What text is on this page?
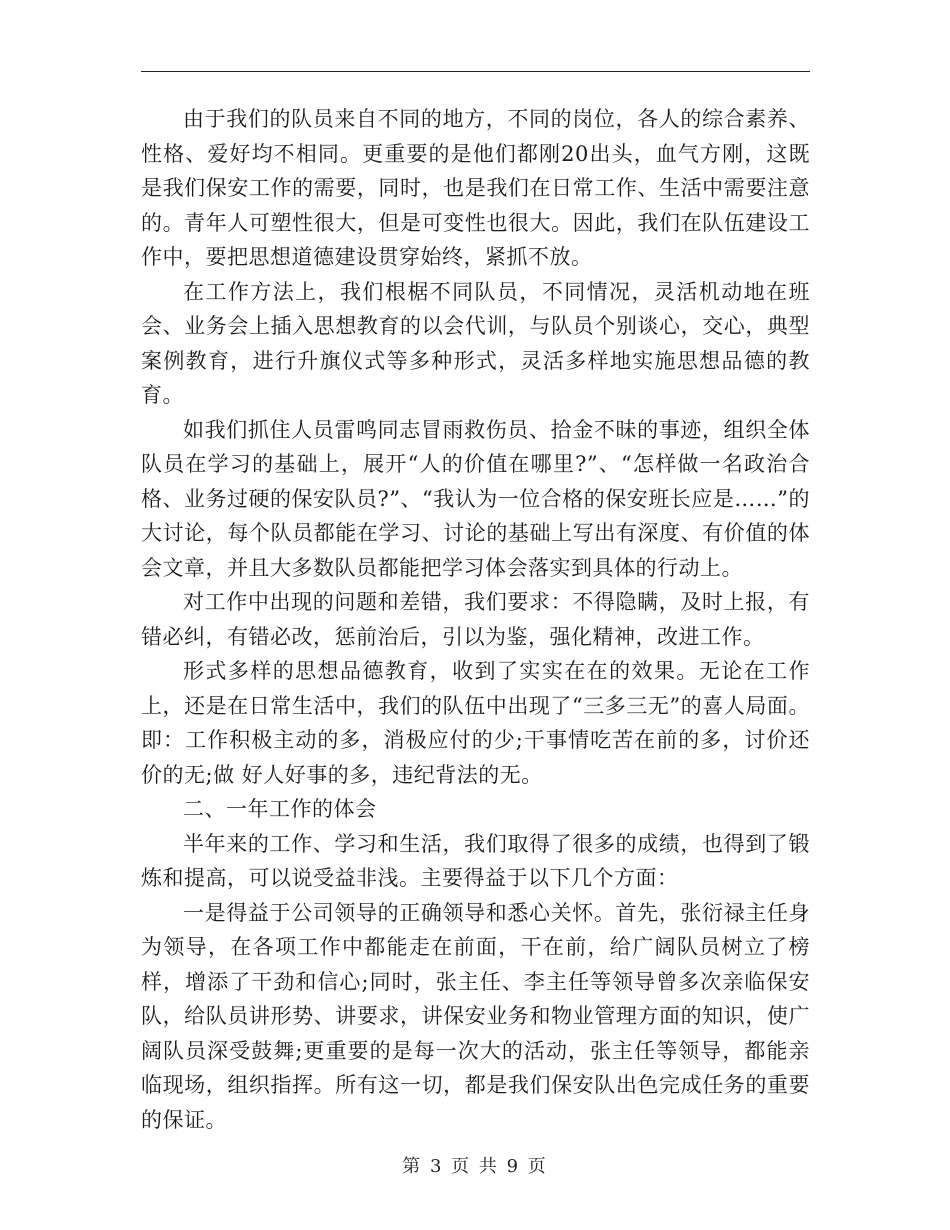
由于我们的队员来自不同的地方，不同的岗位，各人的综合素养、性格、爱好均不相同。更重要的是他们都刚20出头，血气方刚，这既是我们保安工作的需要，同时，也是我们在日常工作、生活中需要注意的。青年人可塑性很大，但是可变性也很大。因此，我们在队伍建设工作中，要把思想道德建设贯穿始终，紧抓不放。

在工作方法上，我们根椐不同队员，不同情况，灵活机动地在班会、业务会上插入思想教育的以会代训，与队员个别谈心，交心，典型案例教育，进行升旗仪式等多种形式，灵活多样地实施思想品德的教育。

如我们抓住人员雷鸣同志冒雨救伤员、拾金不昧的事迹，组织全体队员在学习的基础上，展开“人的价值在哪里?”、“怎样做一名政治合格、业务过硬的保安队员?”、“我认为一位合格的保安班长应是……”的大讨论，每个队员都能在学习、讨论的基础上写出有深度、有价值的体会文章，并且大多数队员都能把学习体会落实到具体的行动上。

对工作中出现的问题和差错，我们要求：不得隐瞒，及时上报，有错必纠，有错必改，惩前治后，引以为鉴，强化精神，改进工作。

形式多样的思想品德教育，收到了实实在在的效果。无论在工作上，还是在日常生活中，我们的队伍中出现了“三多三无”的喜人局面。即：工作积极主动的多，消极应付的少;干事情吃苦在前的多，讨价还价的无;做 好人好事的多，违纪背法的无。

二、一年工作的体会

半年来的工作、学习和生活，我们取得了很多的成绩，也得到了锻炼和提高，可以说受益非浅。主要得益于以下几个方面：

一是得益于公司领导的正确领导和悉心关怀。首先，张衍禄主任身为领导，在各项工作中都能走在前面，干在前，给广阔队员树立了榜样，增添了干劲和信心;同时，张主任、李主任等领导曾多次亲临保安队，给队员讲形势、讲要求，讲保安业务和物业管理方面的知识，使广阔队员深受鼓舞;更重要的是每一次大的活动，张主任等领导，都能亲临现场，组织指挥。所有这一切，都是我们保安队出色完成任务的重要的保证。

第 3 页 共 9 页
